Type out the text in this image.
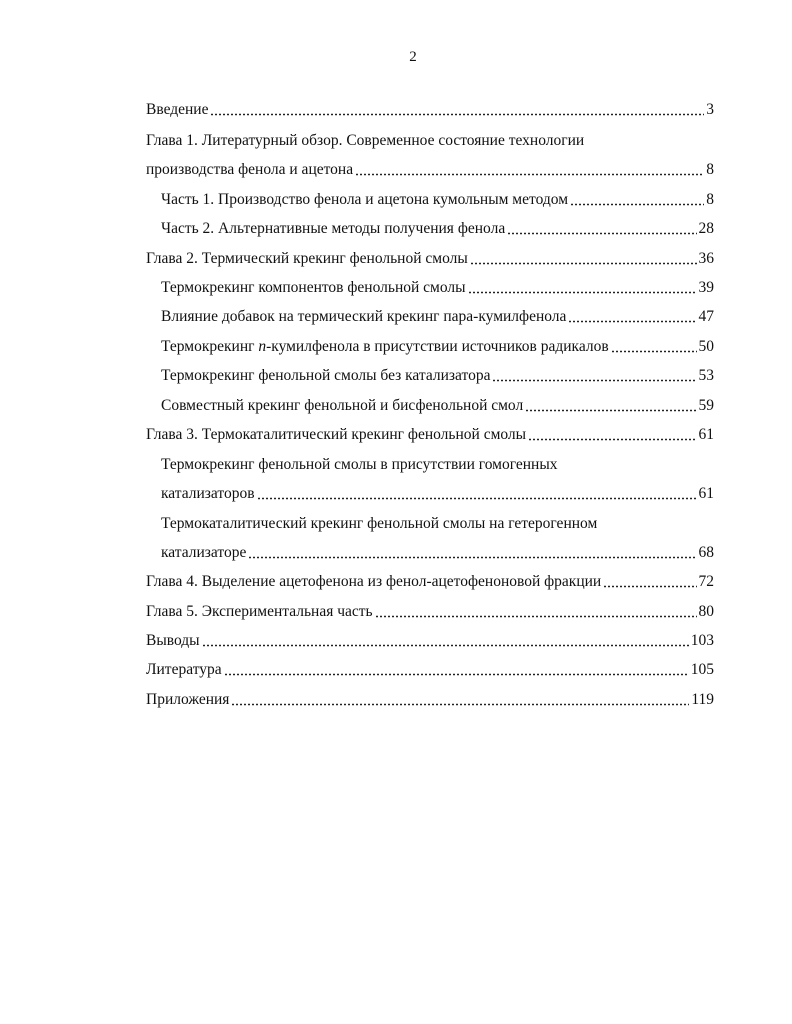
2
Введение	3
Глава 1. Литературный обзор. Современное состояние технологии
производства фенола и ацетона	8
Часть 1. Производство фенола и ацетона кумольным методом	8
Часть 2. Альтернативные методы получения фенола	28
Глава 2. Термический крекинг фенольной смолы	36
Термокрекинг компонентов фенольной смолы	39
Влияние добавок на термический крекинг пара-кумилфенола	47
Термокрекинг п-кумилфенола в присутствии источников радикалов	50
Термокрекинг фенольной смолы без катализатора	53
Совместный крекинг фенольной и бисфенольной смол	59
Глава 3. Термокаталитический крекинг фенольной смолы	61
Термокрекинг фенольной смолы в присутствии гомогенных
катализаторов	61
Термокаталитический крекинг фенольной смолы на гетерогенном
катализаторе	68
Глава 4. Выделение ацетофенона из фенол-ацетофеноновой фракции	72
Глава 5. Экспериментальная часть	80
Выводы	103
Литература	105
Приложения	119
